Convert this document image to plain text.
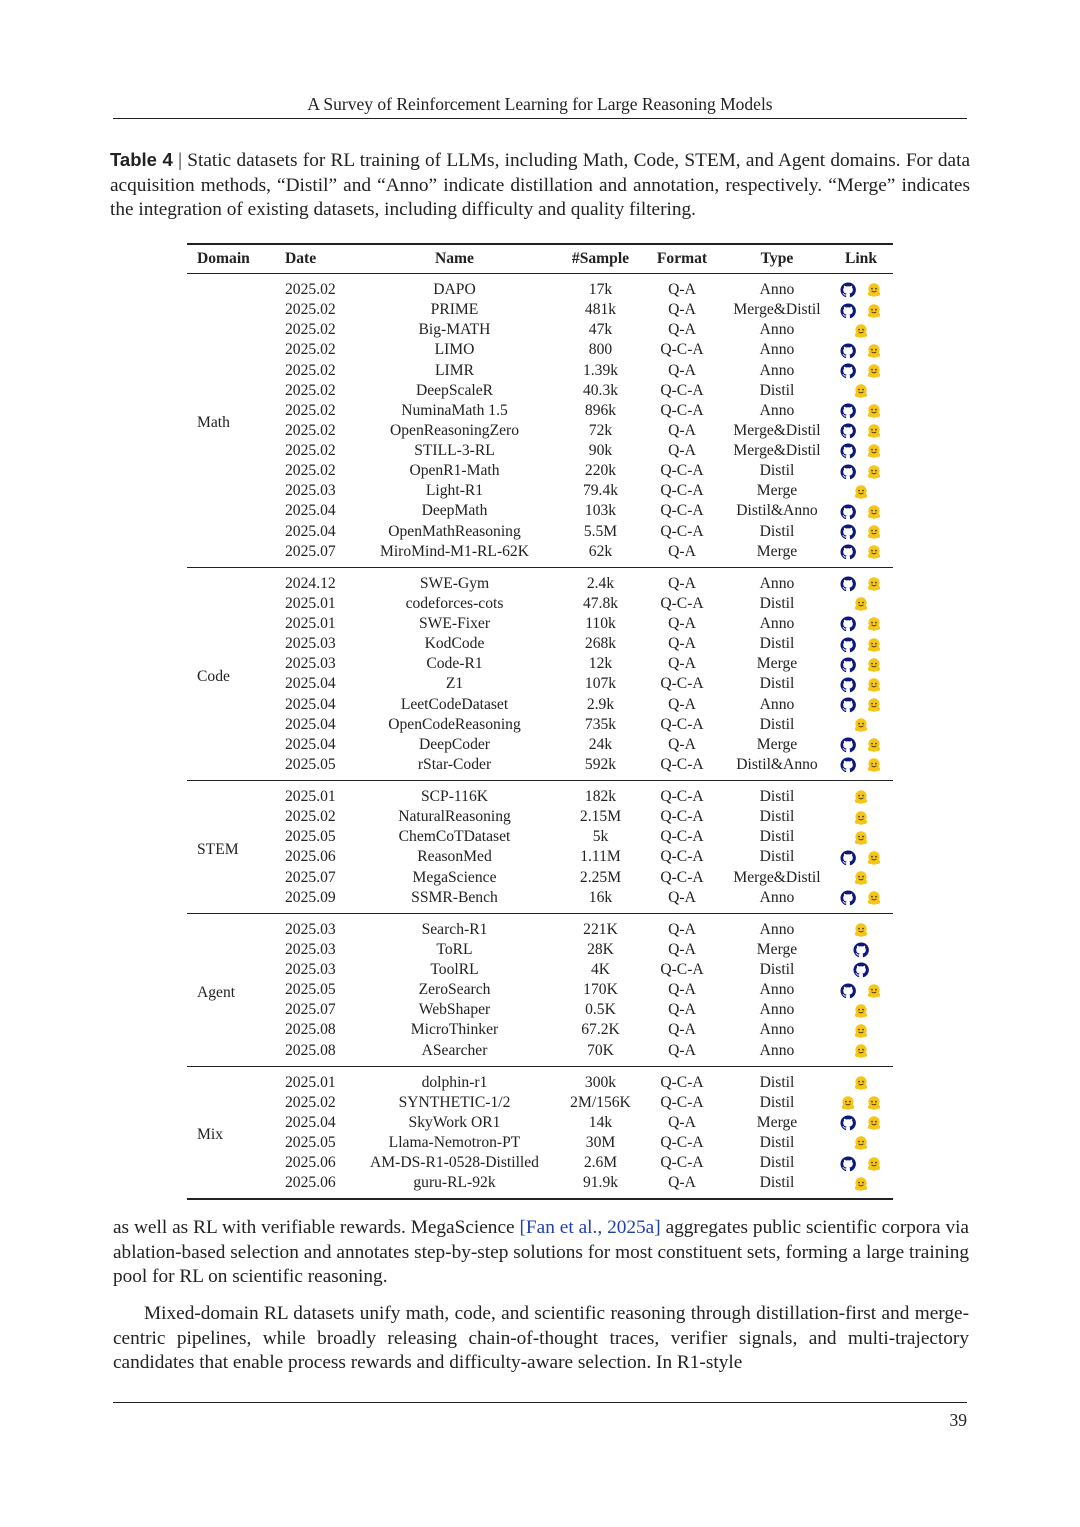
A Survey of Reinforcement Learning for Large Reasoning Models
Table 4 | Static datasets for RL training of LLMs, including Math, Code, STEM, and Agent domains. For data acquisition methods, “Distil” and “Anno” indicate distillation and annotation, respectively. “Merge” indicates the integration of existing datasets, including difficulty and quality filtering.
Domain	Date	Name	#Sample	Format	Type	Link
Math	2025.02	DAPO	17k	Q-A	Anno	

	2025.02	PRIME	481k	Q-A	Merge&Distil	

	2025.02	Big-MATH	47k	Q-A	Anno	

	2025.02	LIMO	800	Q-C-A	Anno	

	2025.02	LIMR	1.39k	Q-A	Anno	

	2025.02	DeepScaleR	40.3k	Q-C-A	Distil	

	2025.02	NuminaMath 1.5	896k	Q-C-A	Anno	

	2025.02	OpenReasoningZero	72k	Q-A	Merge&Distil	

	2025.02	STILL-3-RL	90k	Q-A	Merge&Distil	

	2025.02	OpenR1-Math	220k	Q-C-A	Distil	

	2025.03	Light-R1	79.4k	Q-C-A	Merge	

	2025.04	DeepMath	103k	Q-C-A	Distil&Anno	

	2025.04	OpenMathReasoning	5.5M	Q-C-A	Distil	

	2025.07	MiroMind-M1-RL-62K	62k	Q-A	Merge	

Code	2024.12	SWE-Gym	2.4k	Q-A	Anno	

	2025.01	codeforces-cots	47.8k	Q-C-A	Distil	

	2025.01	SWE-Fixer	110k	Q-A	Anno	

	2025.03	KodCode	268k	Q-A	Distil	

	2025.03	Code-R1	12k	Q-A	Merge	

	2025.04	Z1	107k	Q-C-A	Distil	

	2025.04	LeetCodeDataset	2.9k	Q-A	Anno	

	2025.04	OpenCodeReasoning	735k	Q-C-A	Distil	

	2025.04	DeepCoder	24k	Q-A	Merge	

	2025.05	rStar-Coder	592k	Q-C-A	Distil&Anno	

STEM	2025.01	SCP-116K	182k	Q-C-A	Distil	

	2025.02	NaturalReasoning	2.15M	Q-C-A	Distil	

	2025.05	ChemCoTDataset	5k	Q-C-A	Distil	

	2025.06	ReasonMed	1.11M	Q-C-A	Distil	

	2025.07	MegaScience	2.25M	Q-C-A	Merge&Distil	

	2025.09	SSMR-Bench	16k	Q-A	Anno	

Agent	2025.03	Search-R1	221K	Q-A	Anno	

	2025.03	ToRL	28K	Q-A	Merge	

	2025.03	ToolRL	4K	Q-C-A	Distil	

	2025.05	ZeroSearch	170K	Q-A	Anno	

	2025.07	WebShaper	0.5K	Q-A	Anno	

	2025.08	MicroThinker	67.2K	Q-A	Anno	

	2025.08	ASearcher	70K	Q-A	Anno	

Mix	2025.01	dolphin-r1	300k	Q-C-A	Distil	

	2025.02	SYNTHETIC-1/2	2M/156K	Q-C-A	Distil	

	2025.04	SkyWork OR1	14k	Q-A	Merge	

	2025.05	Llama-Nemotron-PT	30M	Q-C-A	Distil	

	2025.06	AM-DS-R1-0528-Distilled	2.6M	Q-C-A	Distil	

	2025.06	guru-RL-92k	91.9k	Q-A	Distil	
as well as RL with verifiable rewards. MegaScience [Fan et al., 2025a] aggregates public scientific corpora via ablation-based selection and annotates step-by-step solutions for most constituent sets, forming a large training pool for RL on scientific reasoning.
Mixed-domain RL datasets unify math, code, and scientific reasoning through distillation-first and merge-centric pipelines, while broadly releasing chain-of-thought traces, verifier signals, and multi-trajectory candidates that enable process rewards and difficulty-aware selection. In R1-style
39
